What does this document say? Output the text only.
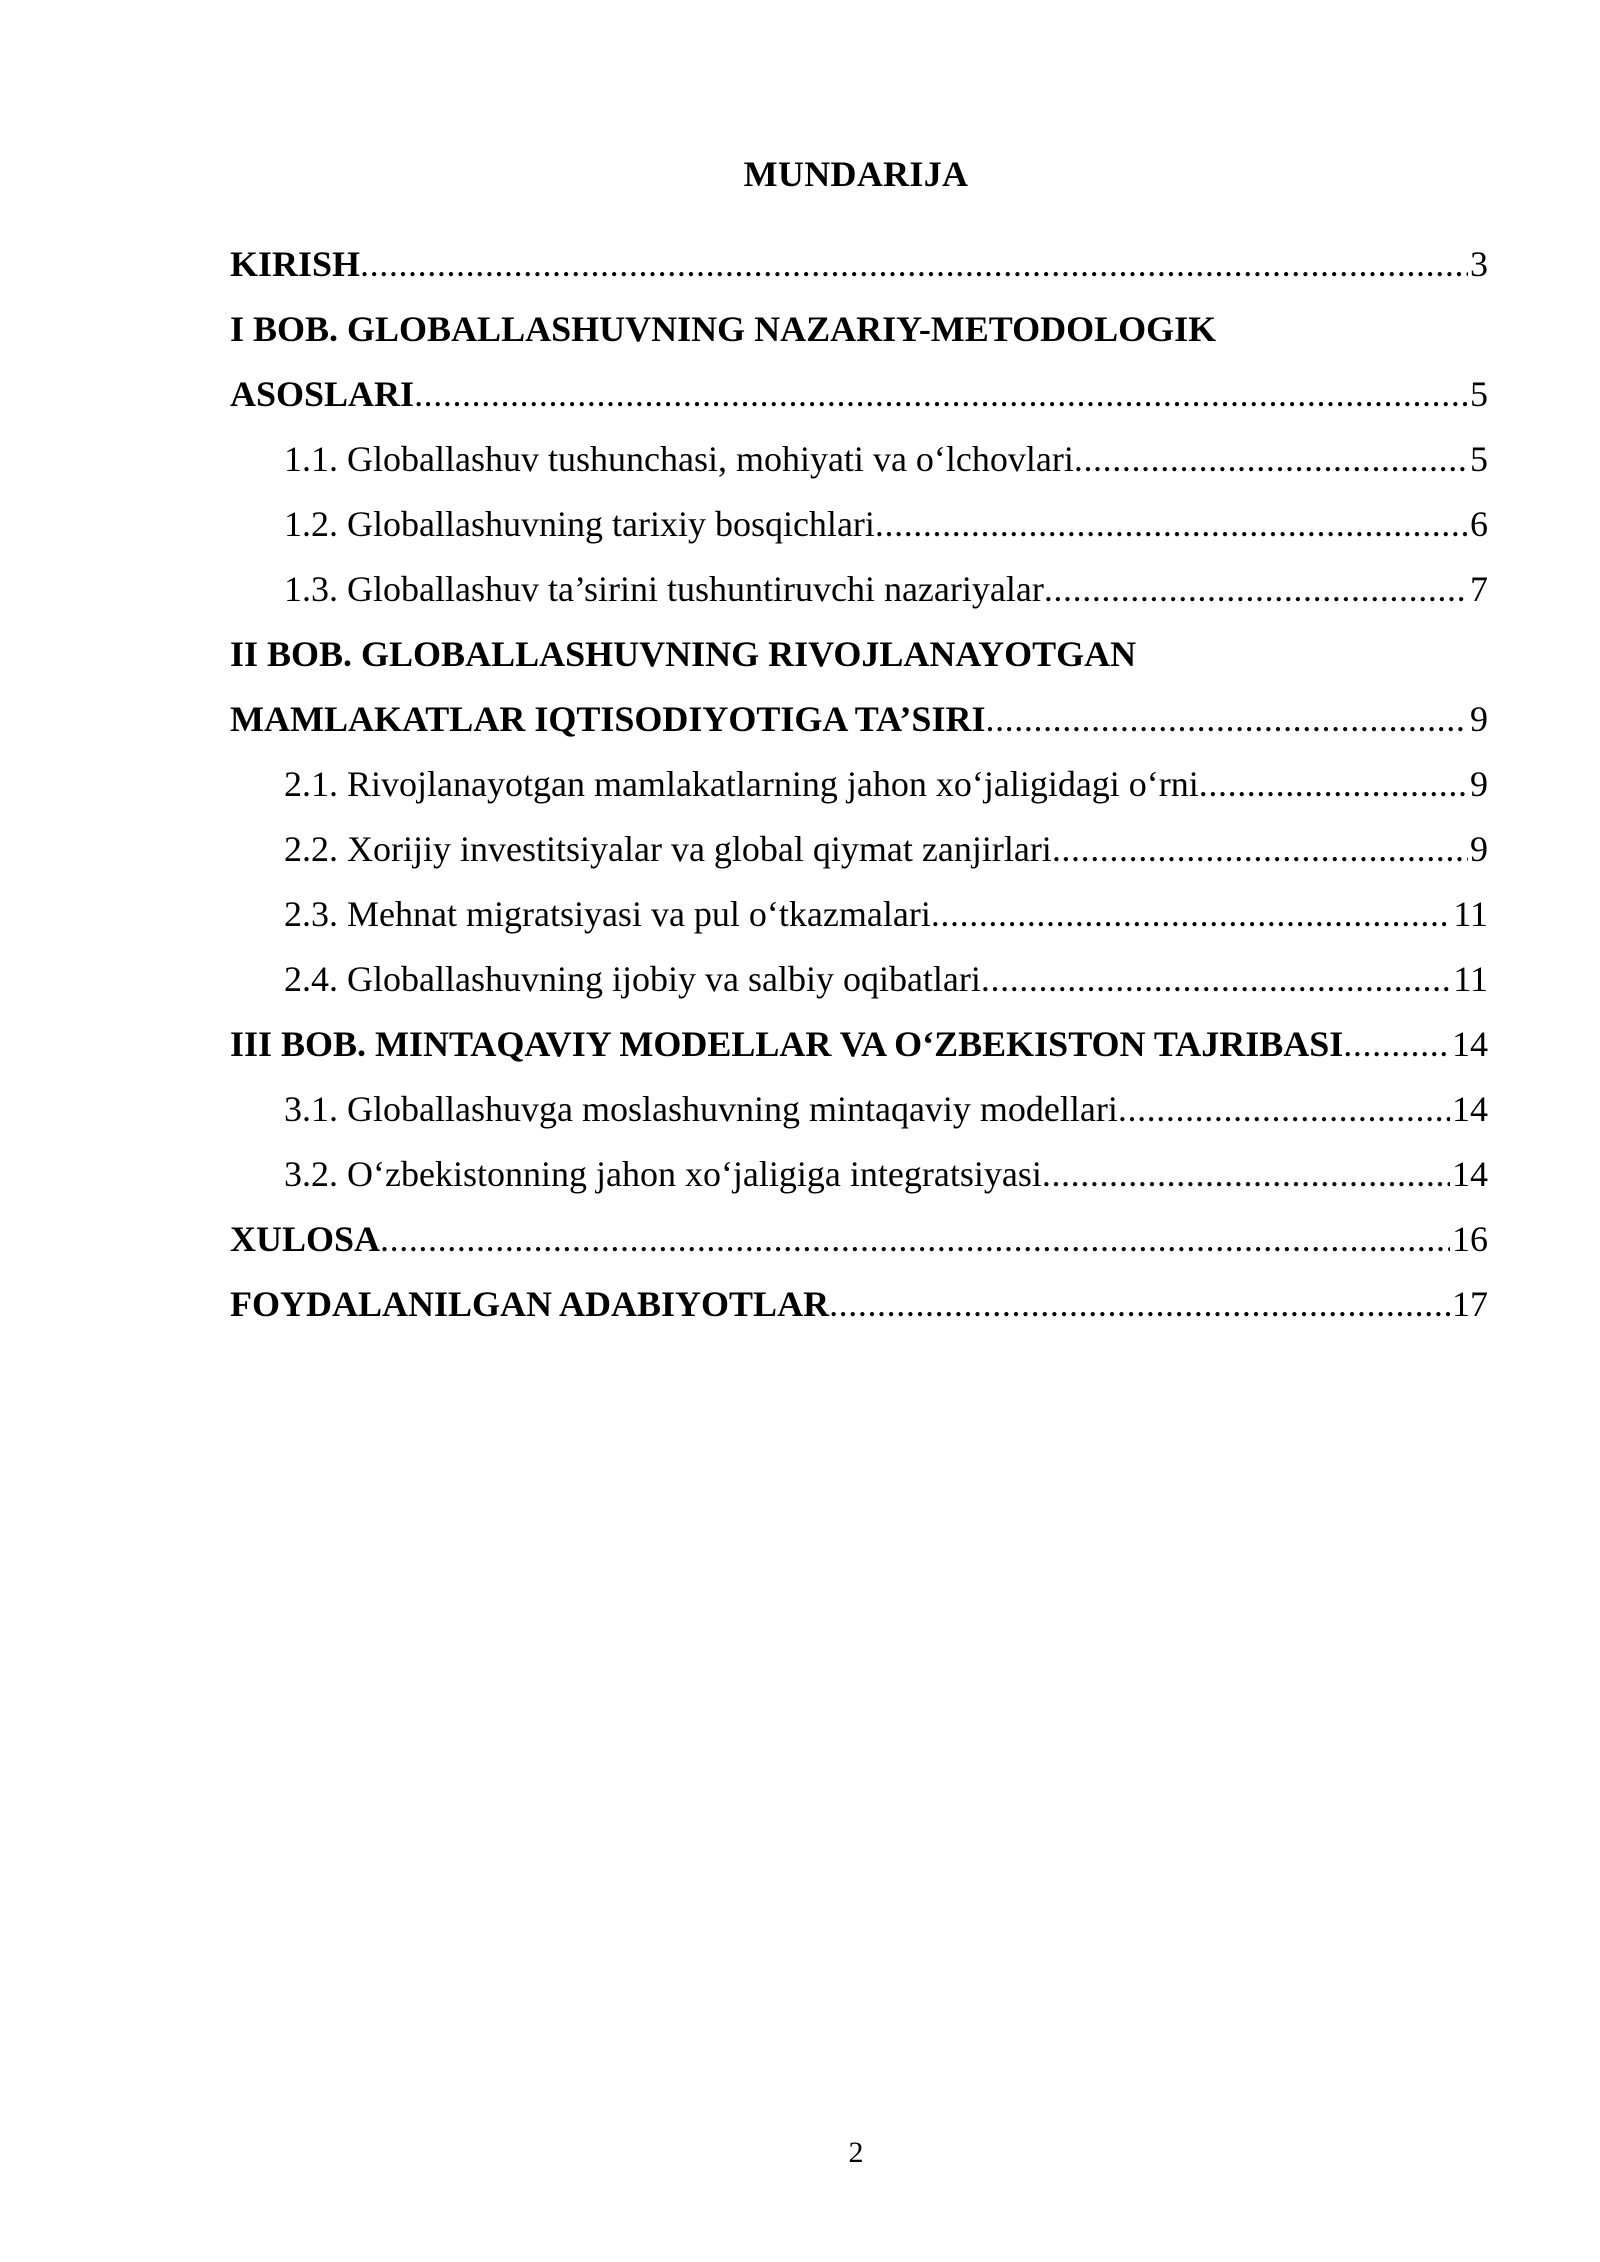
MUNDARIJA
KIRISH .....	3
I BOB. GLOBALLASHUVNING NAZARIY-METODOLOGIK
ASOSLARI .....	5
1.1. Globallashuv tushunchasi, mohiyati va o‘lchovlari .....	5
1.2. Globallashuvning tarixiy bosqichlari .....	6
1.3. Globallashuv ta’sirini tushuntiruvchi nazariyalar .....	7
II BOB. GLOBALLASHUVNING RIVOJLANAYOTGAN
MAMLAKATLAR IQTISODIYOTIGA TA’SIRI .....	9
2.1. Rivojlanayotgan mamlakatlarning jahon xo‘jaligidagi o‘rni .....	9
2.2. Xorijiy investitsiyalar va global qiymat zanjirlari .....	9
2.3. Mehnat migratsiyasi va pul o‘tkazmalari .....	11
2.4. Globallashuvning ijobiy va salbiy oqibatlari .....	11
III BOB. MINTAQAVIY MODELLAR VA O‘ZBEKISTON TAJRIBASI .....	14
3.1. Globallashuvga moslashuvning mintaqaviy modellari .....	14
3.2. O‘zbekistonning jahon xo‘jaligiga integratsiyasi .....	14
XULOSA .....	16
FOYDALANILGAN ADABIYOTLAR .....	17
2
